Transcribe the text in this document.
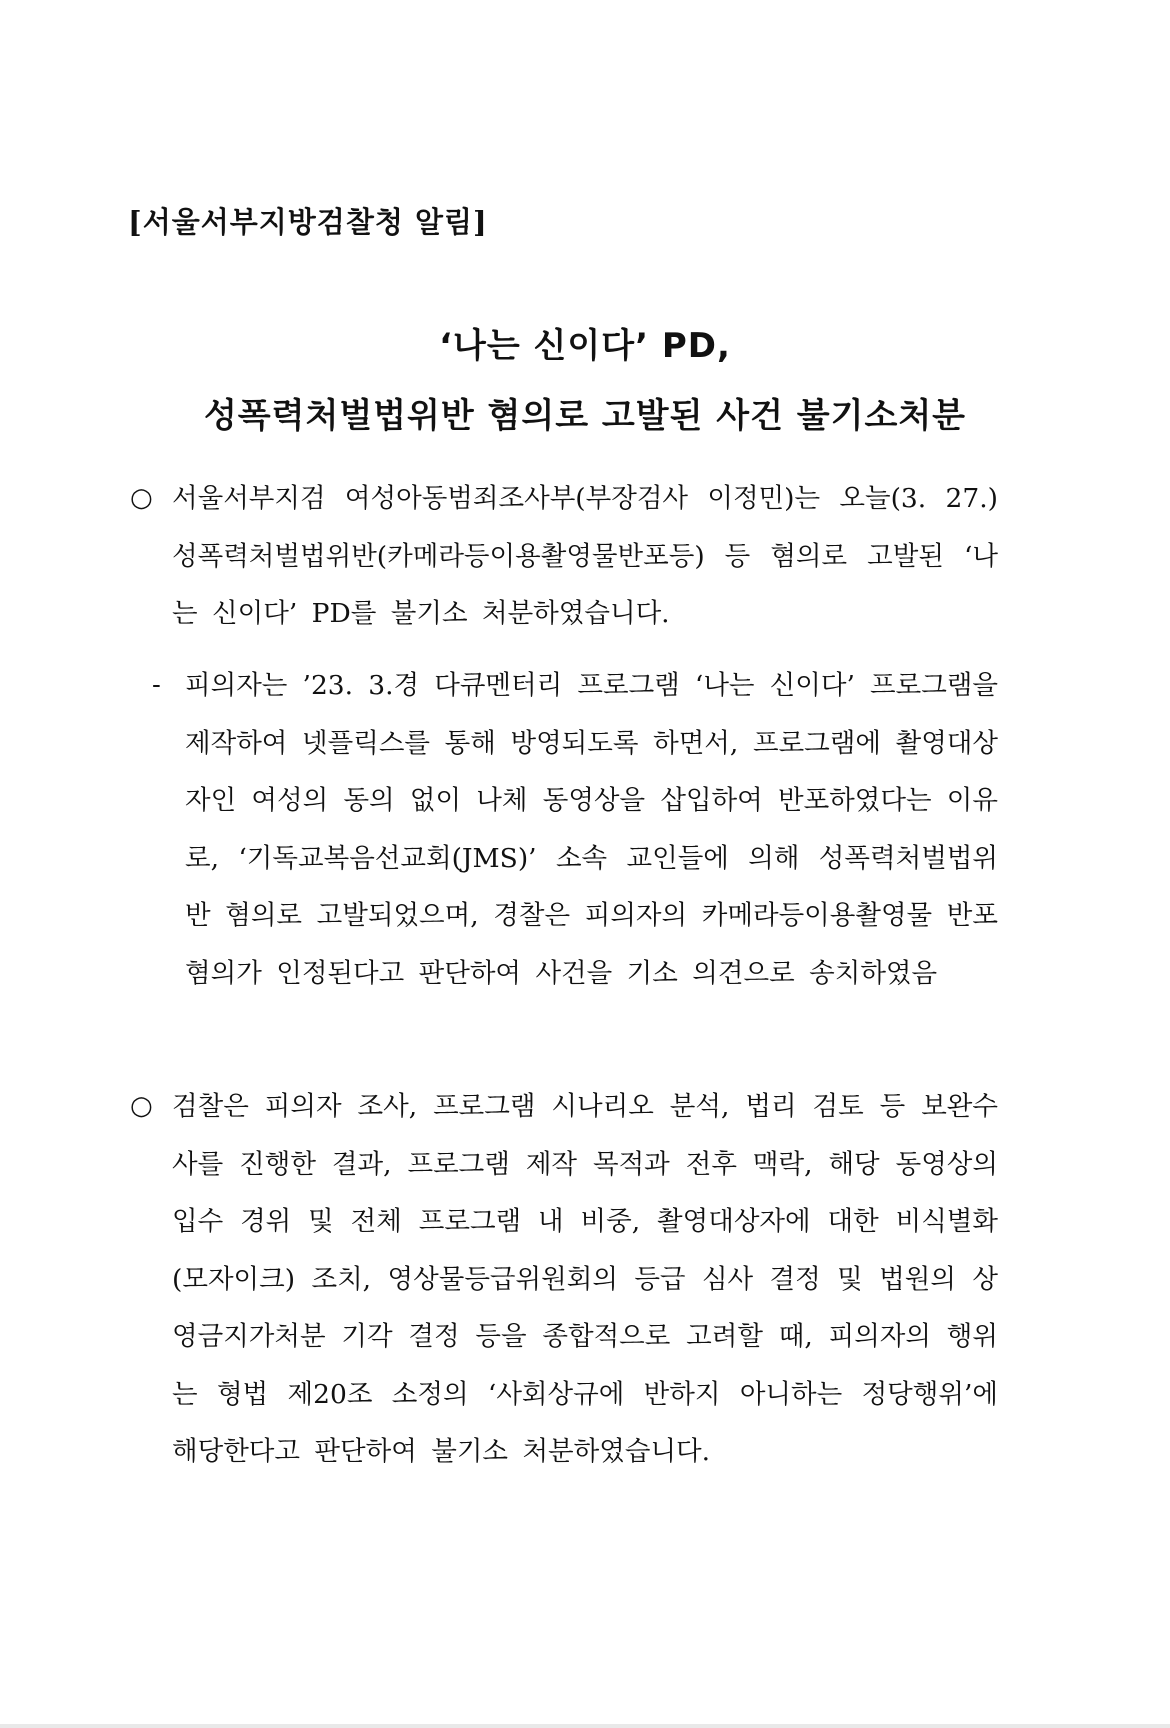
[서울서부지방검찰청 알림]
‘나는 신이다’ PD,
성폭력처벌법위반 혐의로 고발된 사건 불기소처분
○ 서울서부지검 여성아동범죄조사부(부장검사 이정민)는 오늘(3. 27.) 성폭력처벌법위반(카메라등이용촬영물반포등) 등 혐의로 고발된 ‘나는 신이다’ PD를 불기소 처분하였습니다.
- 피의자는 ’23. 3.경 다큐멘터리 프로그램 ‘나는 신이다’ 프로그램을 제작하여 넷플릭스를 통해 방영되도록 하면서, 프로그램에 촬영대상자인 여성의 동의 없이 나체 동영상을 삽입하여 반포하였다는 이유로, ‘기독교복음선교회(JMS)’ 소속 교인들에 의해 성폭력처벌법위반 혐의로 고발되었으며, 경찰은 피의자의 카메라등이용촬영물 반포 혐의가 인정된다고 판단하여 사건을 기소 의견으로 송치하였음
○ 검찰은 피의자 조사, 프로그램 시나리오 분석, 법리 검토 등 보완수사를 진행한 결과, 프로그램 제작 목적과 전후 맥락, 해당 동영상의 입수 경위 및 전체 프로그램 내 비중, 촬영대상자에 대한 비식별화(모자이크) 조치, 영상물등급위원회의 등급 심사 결정 및 법원의 상영금지가처분 기각 결정 등을 종합적으로 고려할 때, 피의자의 행위는 형법 제20조 소정의 ‘사회상규에 반하지 아니하는 정당행위’에 해당한다고 판단하여 불기소 처분하였습니다.
